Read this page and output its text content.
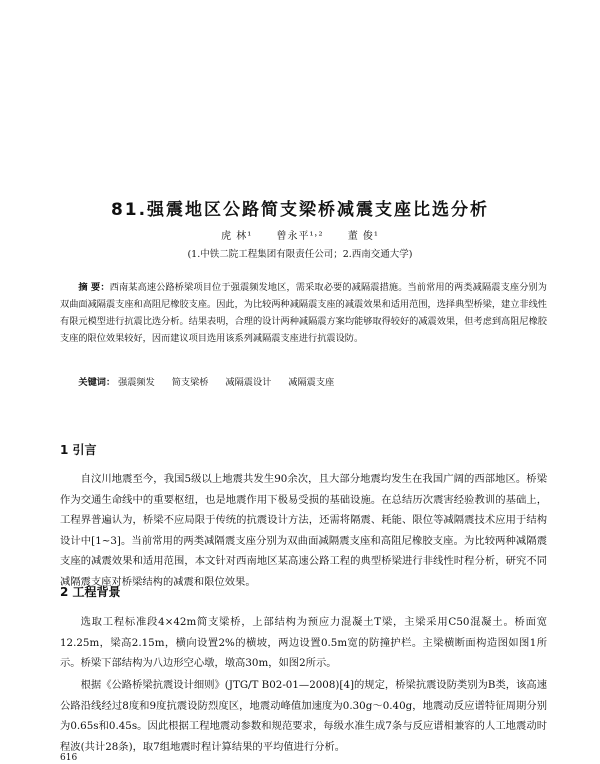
81.强震地区公路简支梁桥减震支座比选分析
虎 林¹ 曾永平¹˒² 董 俊¹
(1.中铁二院工程集团有限责任公司；2.西南交通大学)

摘 要：西南某高速公路桥梁项目位于强震频发地区，需采取必要的减隔震措施。当前常用的两类减隔震支座分别为双曲面减隔震支座和高阻尼橡胶支座。因此，为比较两种减隔震支座的减震效果和适用范围，选择典型桥梁，建立非线性有限元模型进行抗震比选分析。结果表明，合理的设计两种减隔震方案均能够取得较好的减震效果，但考虑到高阻尼橡胶支座的限位效果较好，因而建议项目选用该系列减隔震支座进行抗震设防。

关键词： 强震频发 简支梁桥 减隔震设计 减隔震支座

1 引言

自汶川地震至今，我国5级以上地震共发生90余次，且大部分地震均发生在我国广阔的西部地区。桥梁作为交通生命线中的重要枢纽，也是地震作用下极易受损的基础设施。在总结历次震害经验教训的基础上，工程界普遍认为，桥梁不应局限于传统的抗震设计方法，还需将隔震、耗能、限位等减隔震技术应用于结构设计中[1~3]。当前常用的两类减隔震支座分别为双曲面减隔震支座和高阻尼橡胶支座。为比较两种减隔震支座的减震效果和适用范围，本文针对西南地区某高速公路工程的典型桥梁进行非线性时程分析，研究不同减隔震支座对桥梁结构的减震和限位效果。

2 工程背景

选取工程标准段4×42m简支梁桥，上部结构为预应力混凝土T梁，主梁采用C50混凝土。桥面宽12.25m，梁高2.15m，横向设置2%的横坡，两边设置0.5m宽的防撞护栏。主梁横断面构造图如图1所示。桥梁下部结构为八边形空心墩，墩高30m，如图2所示。

根据《公路桥梁抗震设计细则》(JTG/T B02-01—2008)[4]的规定，桥梁抗震设防类别为B类，该高速公路沿线经过8度和9度抗震设防烈度区，地震动峰值加速度为0.30g～0.40g，地震动反应谱特征周期分别为0.65s和0.45s。因此根据工程地震动参数和规范要求，每级水准生成7条与反应谱相兼容的人工地震动时程波(共计28条)，取7组地震时程计算结果的平均值进行分析。

616
